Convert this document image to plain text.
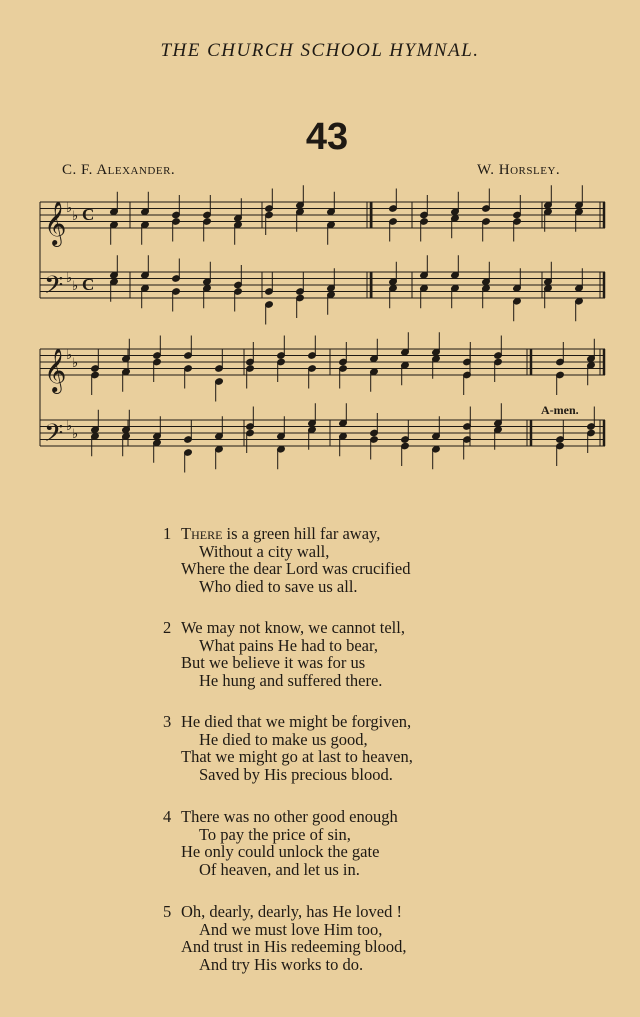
THE CHURCH SCHOOL HYMNAL.
43
C. F. Alexander.	W. Horsley.
𝄞
𝄢
𝄞
𝄢
♭
♭
♭
♭
♭
♭
♭
♭
C
C
A-men.
1 There is a green hill far away,
Without a city wall,
Where the dear Lord was crucified
Who died to save us all.
2 We may not know, we cannot tell,
What pains He had to bear,
But we believe it was for us
He hung and suffered there.
3 He died that we might be forgiven,
He died to make us good,
That we might go at last to heaven,
Saved by His precious blood.
4 There was no other good enough
To pay the price of sin,
He only could unlock the gate
Of heaven, and let us in.
5 Oh, dearly, dearly, has He loved !
And we must love Him too,
And trust in His redeeming blood,
And try His works to do.
